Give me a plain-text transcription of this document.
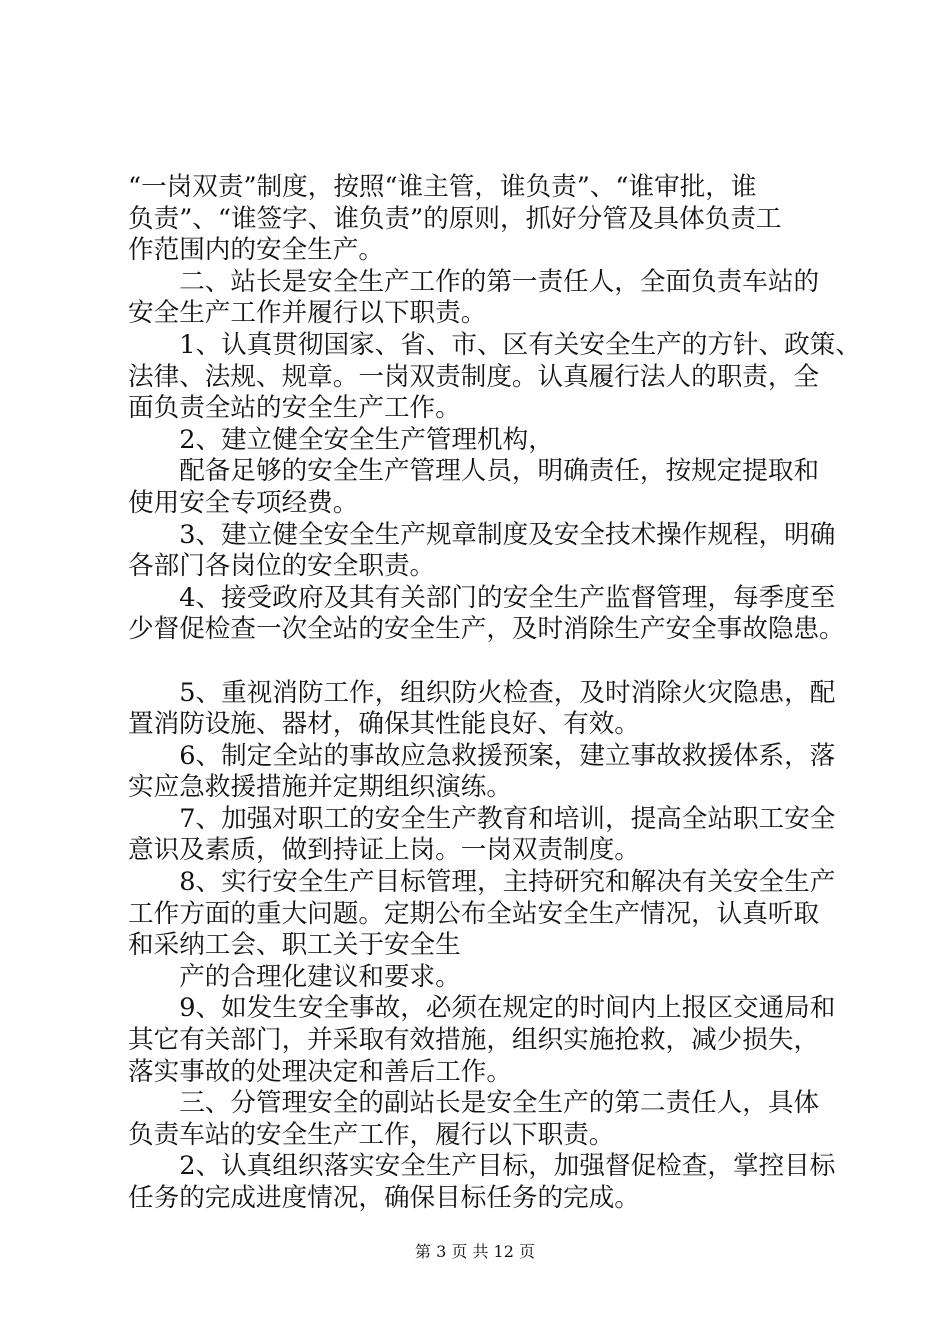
“一岗双责”制度，按照“谁主管，谁负责”、“谁审批，谁
负责”、“谁签字、谁负责”的原则，抓好分管及具体负责工
作范围内的安全生产。
　　二、站长是安全生产工作的第一责任人，全面负责车站的
安全生产工作并履行以下职责。
　　1、认真贯彻国家、省、市、区有关安全生产的方针、政策、
法律、法规、规章。一岗双责制度。认真履行法人的职责，全
面负责全站的安全生产工作。
　　2、建立健全安全生产管理机构，
　　配备足够的安全生产管理人员，明确责任，按规定提取和
使用安全专项经费。
　　3、建立健全安全生产规章制度及安全技术操作规程，明确
各部门各岗位的安全职责。
　　4、接受政府及其有关部门的安全生产监督管理，每季度至
少督促检查一次全站的安全生产，及时消除生产安全事故隐患。
　　5、重视消防工作，组织防火检查，及时消除火灾隐患，配
置消防设施、器材，确保其性能良好、有效。
　　6、制定全站的事故应急救援预案，建立事故救援体系，落
实应急救援措施并定期组织演练。
　　7、加强对职工的安全生产教育和培训，提高全站职工安全
意识及素质，做到持证上岗。一岗双责制度。
　　8、实行安全生产目标管理，主持研究和解决有关安全生产
工作方面的重大问题。定期公布全站安全生产情况，认真听取
和采纳工会、职工关于安全生
　　产的合理化建议和要求。
　　9、如发生安全事故，必须在规定的时间内上报区交通局和
其它有关部门，并采取有效措施，组织实施抢救，减少损失，
落实事故的处理决定和善后工作。
　　三、分管理安全的副站长是安全生产的第二责任人，具体
负责车站的安全生产工作，履行以下职责。
　　2、认真组织落实安全生产目标，加强督促检查，掌控目标
任务的完成进度情况，确保目标任务的完成。
第 3 页 共 12 页
